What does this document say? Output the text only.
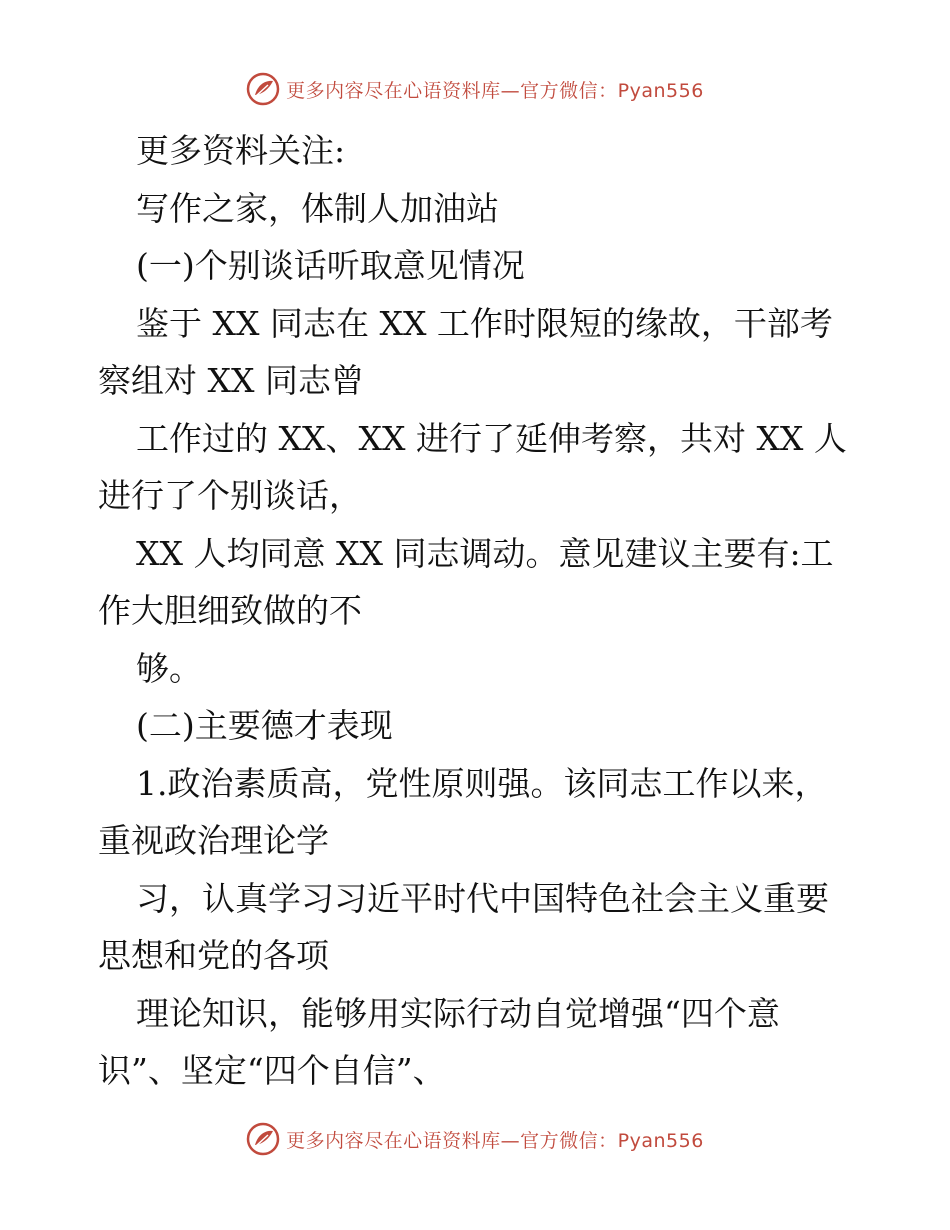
更多内容尽在心语资料库—官方微信：Pyan556
更多资料关注:
写作之家，体制人加油站
(一)个别谈话听取意见情况
鉴于 XX 同志在 XX 工作时限短的缘故，干部考
察组对 XX 同志曾
工作过的 XX、XX 进行了延伸考察，共对 XX 人
进行了个别谈话，
XX 人均同意 XX 同志调动。意见建议主要有:工
作大胆细致做的不
够。
(二)主要德才表现
1.政治素质高，党性原则强。该同志工作以来，
重视政治理论学
习，认真学习习近平时代中国特色社会主义重要
思想和党的各项
理论知识，能够用实际行动自觉增强“四个意
识”、坚定“四个自信”、
更多内容尽在心语资料库—官方微信：Pyan556
